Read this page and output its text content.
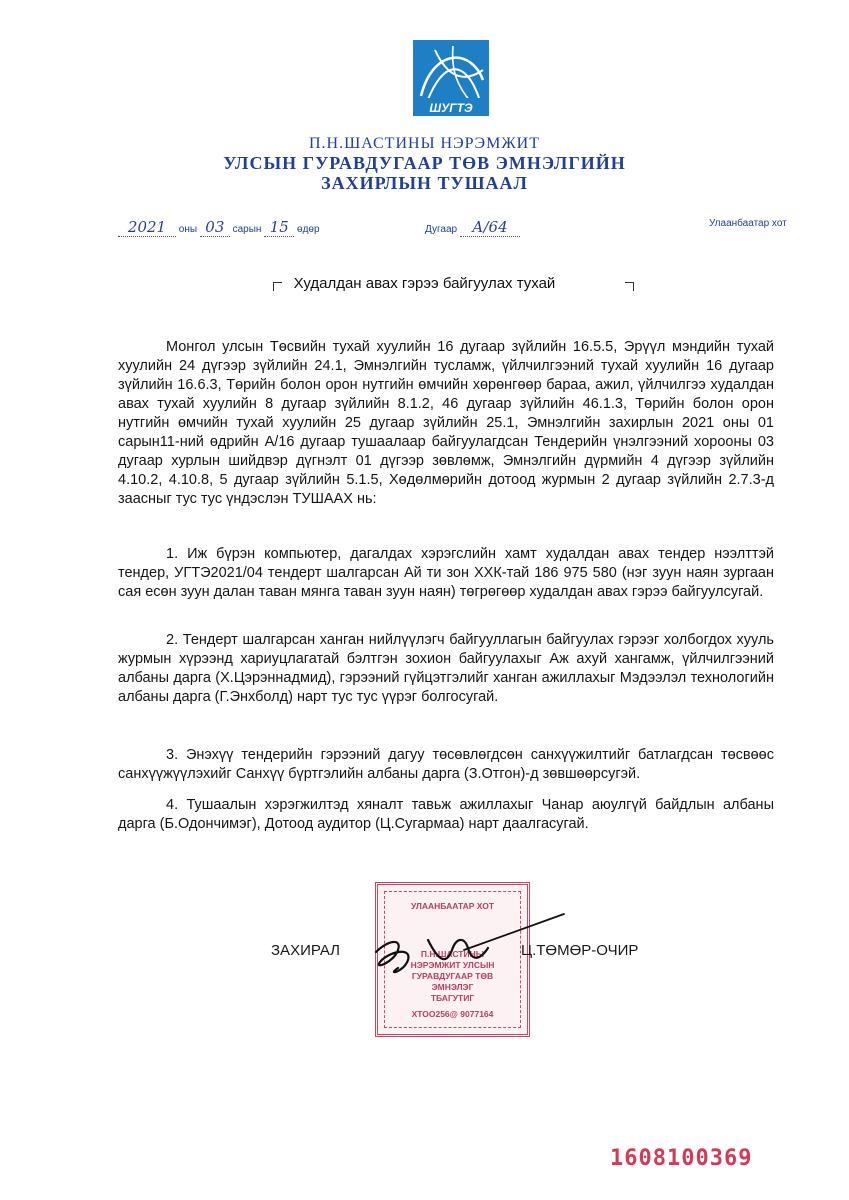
ШУГТЭ
П.Н.ШАСТИНЫ НЭРЭМЖИТ
УЛСЫН ГУРАВДУГААР ТӨВ ЭМНЭЛГИЙН
ЗАХИРЛЫН ТУШААЛ
2021 оны 03 сарын 15 өдөр	Дугаар А/64	Улаанбаатар хот
Худалдан авах гэрээ байгуулах тухай
Монгол улсын Төсвийн тухай хуулийн 16 дугаар зүйлийн 16.5.5, Эрүүл мэндийн тухай хуулийн 24 дүгээр зүйлийн 24.1, Эмнэлгийн тусламж, үйлчилгээний тухай хуулийн 16 дугаар зүйлийн 16.6.3, Төрийн болон орон нутгийн өмчийн хөрөнгөөр бараа, ажил, үйлчилгээ худалдан авах тухай хуулийн 8 дугаар зүйлийн 8.1.2, 46 дугаар зүйлийн 46.1.3, Төрийн болон орон нутгийн өмчийн тухай хуулийн 25 дугаар зүйлийн 25.1, Эмнэлгийн захирлын 2021 оны 01 сарын11-ний өдрийн А/16 дугаар тушаалаар байгуулагдсан Тендерийн үнэлгээний хорооны 03 дугаар хурлын шийдвэр дүгнэлт 01 дүгээр зөвлөмж, Эмнэлгийн дүрмийн 4 дүгээр зүйлийн 4.10.2, 4.10.8, 5 дугаар зүйлийн 5.1.5, Хөдөлмөрийн дотоод журмын 2 дугаар зүйлийн 2.7.3-д заасныг тус тус үндэслэн ТУШААХ нь:
1. Иж бүрэн компьютер, дагалдах хэрэгслийн хамт худалдан авах тендер нээлттэй тендер, УГТЭ2021/04 тендерт шалгарсан Ай ти зон ХХК-тай 186 975 580 (нэг зуун наян зургаан сая есөн зуун далан таван мянга таван зуун наян) төгрөгөөр худалдан авах гэрээ байгуулсугай.
2. Тендерт шалгарсан ханган нийлүүлэгч байгууллагын байгуулах гэрээг холбогдох хууль журмын хүрээнд хариуцлагатай бэлтгэн зохион байгуулахыг Аж ахуй хангамж, үйлчилгээний албаны дарга (Х.Цэрэннадмид), гэрээний гүйцэтгэлийг ханган ажиллахыг Мэдээлэл технологийн албаны дарга (Г.Энхболд) нарт тус тус үүрэг болгосугай.
3. Энэхүү тендерийн гэрээний дагуу төсөвлөгдсөн санхүүжилтийг батлагдсан төсвөөс санхүүжүүлэхийг Санхүү бүртгэлийн албаны дарга (З.Отгон)-д зөвшөөрсугэй.
4. Тушаалын хэрэгжилтэд хяналт тавьж ажиллахыг Чанар аюулгүй байдлын албаны дарга (Б.Одончимэг), Дотоод аудитор (Ц.Сугармаа) нарт даалгасугай.
УЛААНБААТАР ХОТ
П.Н.ШАСТИНЫ
НЭРЭМЖИТ УЛСЫН
ГУРАВДУГААР ТӨВ
ЭМНЭЛЭГ
ТБАГУТИГ
ХТОО256@ 9077164
ЗАХИРАЛ	Ц.ТӨМӨР-ОЧИР
1608100369
